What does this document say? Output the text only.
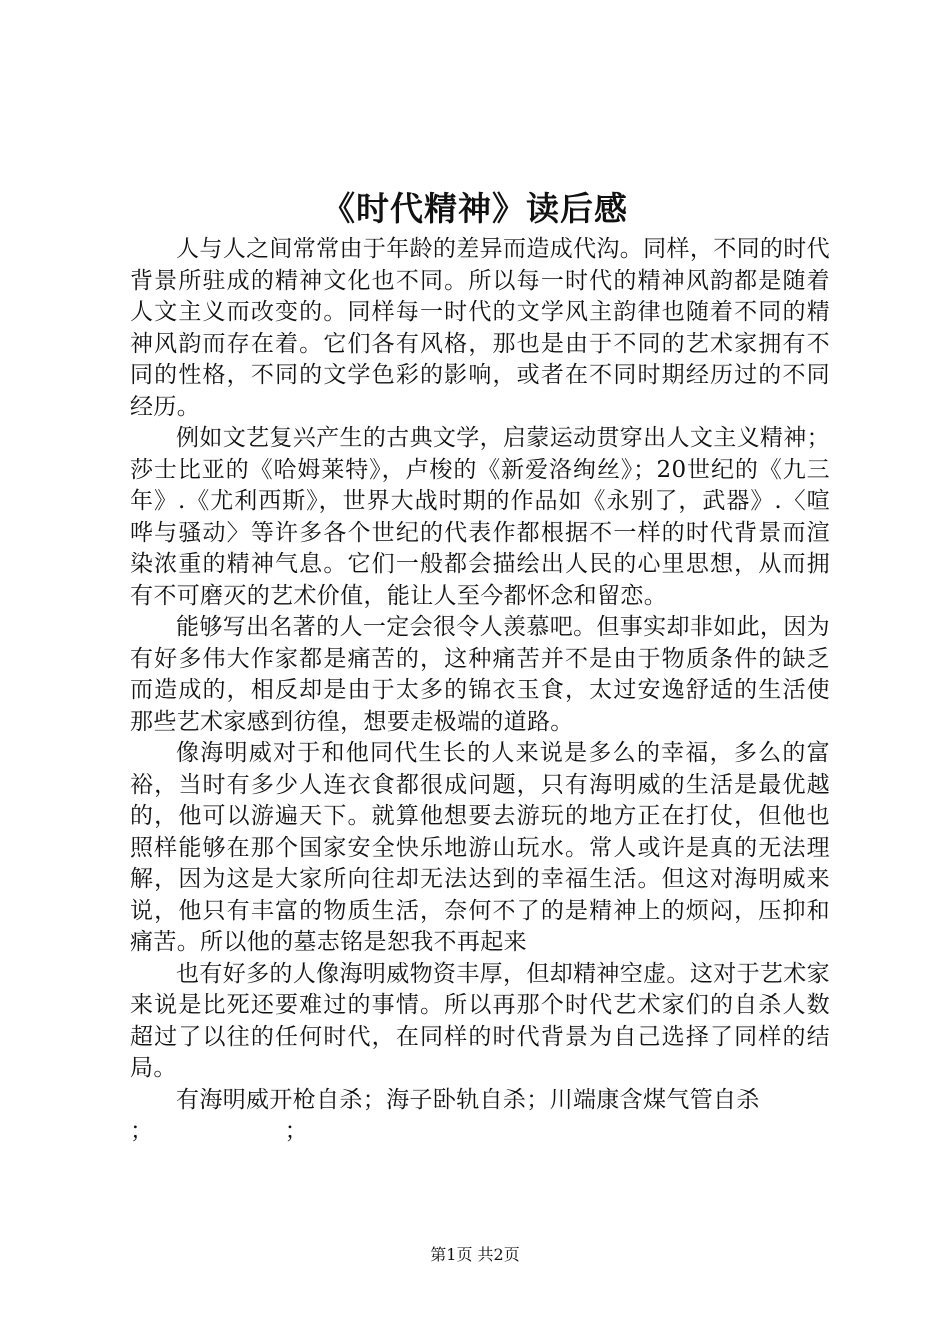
《时代精神》读后感

人与人之间常常由于年龄的差异而造成代沟。同样，不同的时代背景所驻成的精神文化也不同。所以每一时代的精神风韵都是随着人文主义而改变的。同样每一时代的文学风主韵律也随着不同的精神风韵而存在着。它们各有风格，那也是由于不同的艺术家拥有不同的性格，不同的文学色彩的影响，或者在不同时期经历过的不同经历。

例如文艺复兴产生的古典文学，启蒙运动贯穿出人文主义精神；莎士比亚的《哈姆莱特》，卢梭的《新爱洛绚丝》；20世纪的《九三年》.《尤利西斯》，世界大战时期的作品如《永别了，武器》.〈喧哗与骚动〉等许多各个世纪的代表作都根据不一样的时代背景而渲染浓重的精神气息。它们一般都会描绘出人民的心里思想，从而拥有不可磨灭的艺术价值，能让人至今都怀念和留恋。

能够写出名著的人一定会很令人羡慕吧。但事实却非如此，因为有好多伟大作家都是痛苦的，这种痛苦并不是由于物质条件的缺乏而造成的，相反却是由于太多的锦衣玉食，太过安逸舒适的生活使那些艺术家感到彷徨，想要走极端的道路。

像海明威对于和他同代生长的人来说是多么的幸福，多么的富裕，当时有多少人连衣食都很成问题，只有海明威的生活是最优越的，他可以游遍天下。就算他想要去游玩的地方正在打仗，但他也照样能够在那个国家安全快乐地游山玩水。常人或许是真的无法理解，因为这是大家所向往却无法达到的幸福生活。但这对海明威来说，他只有丰富的物质生活，奈何不了的是精神上的烦闷，压抑和痛苦。所以他的墓志铭是恕我不再起来

也有好多的人像海明威物资丰厚，但却精神空虚。这对于艺术家来说是比死还要难过的事情。所以再那个时代艺术家们的自杀人数超过了以往的任何时代，在同样的时代背景为自己选择了同样的结局。

有海明威开枪自杀；海子卧轨自杀；川端康含煤气管自杀

；                  ；

第1页 共2页
